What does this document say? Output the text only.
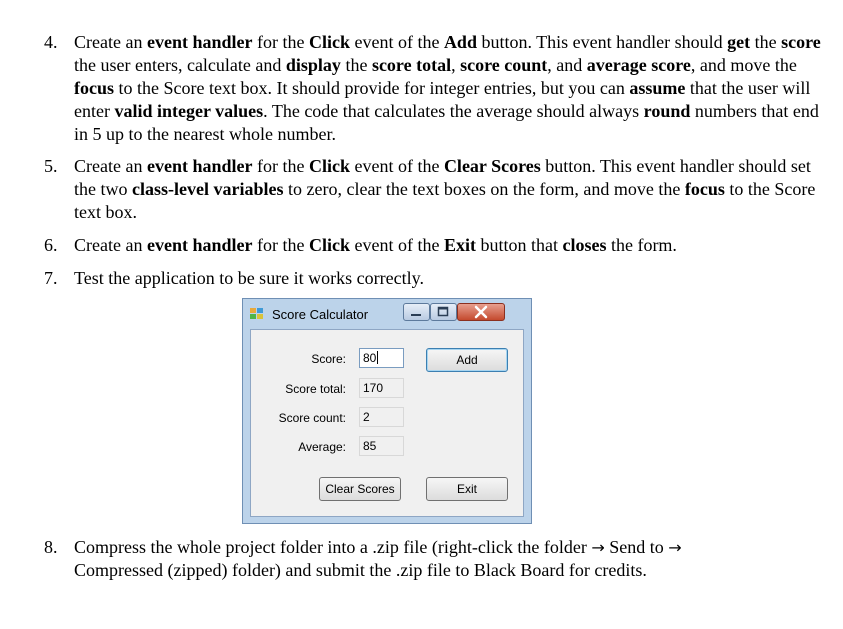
4. Create an event handler for the Click event of the Add button. This event handler should get the score the user enters, calculate and display the score total, score count, and average score, and move the focus to the Score text box. It should provide for integer entries, but you can assume that the user will enter valid integer values. The code that calculates the average should always round numbers that end in 5 up to the nearest whole number.
5. Create an event handler for the Click event of the Clear Scores button. This event handler should set the two class-level variables to zero, clear the text boxes on the form, and move the focus to the Score text box.
6. Create an event handler for the Click event of the Exit button that closes the form.
7. Test the application to be sure it works correctly.
8. Compress the whole project folder into a .zip file (right-click the folder → Send to → Compressed (zipped) folder) and submit the .zip file to Black Board for credits.
Score Calculator
Score:	80
Score total:	170
Score count:	2
Average:	85
Add
Clear Scores	Exit
